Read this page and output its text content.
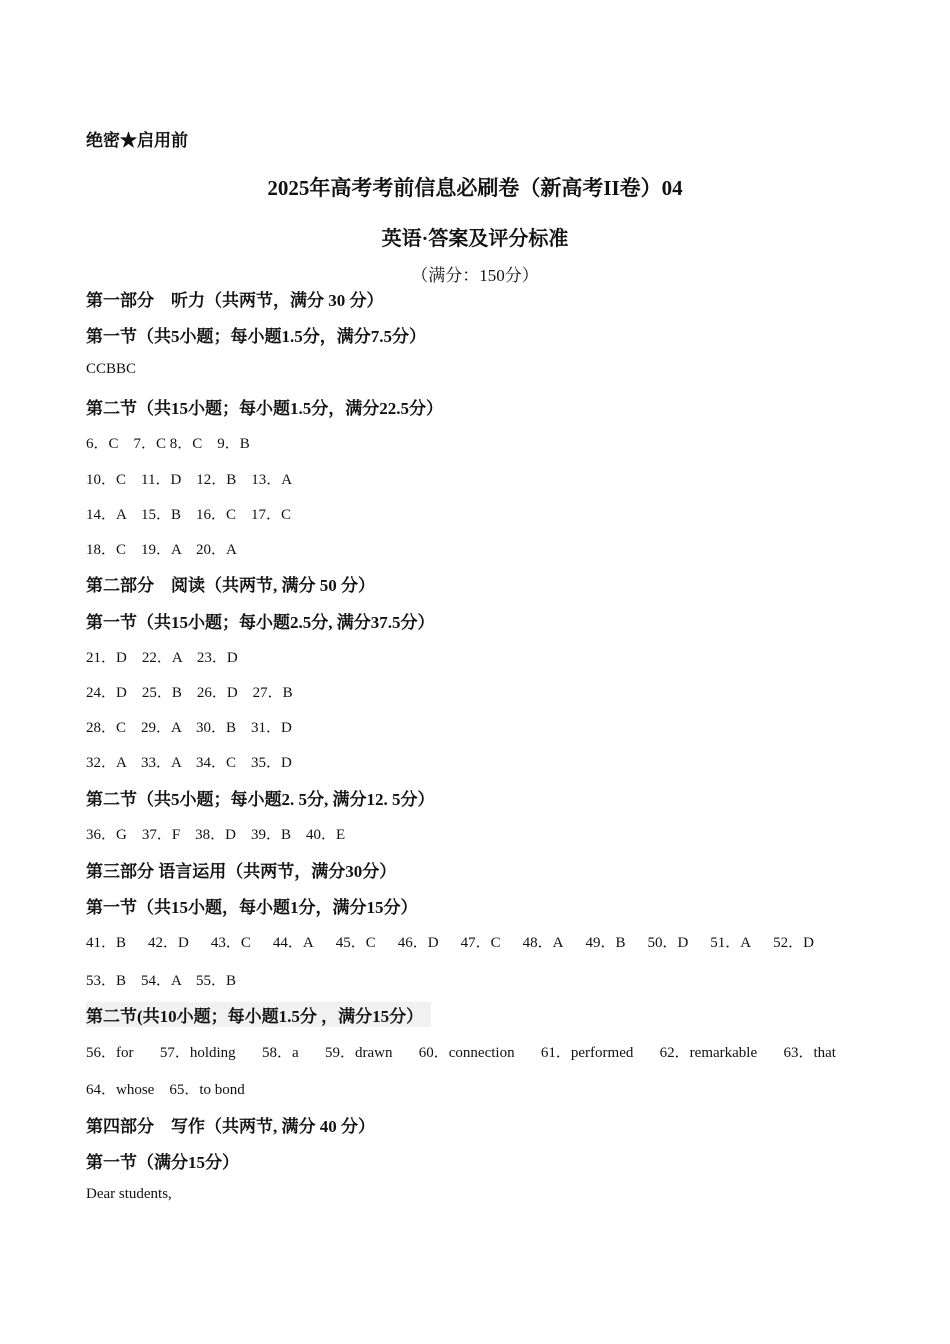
绝密★启用前
2025年高考考前信息必刷卷（新高考II卷）04
英语·答案及评分标准
（满分：150分）
第一部分　听力（共两节，满分 30 分）
第一节（共5小题；每小题1.5分，满分7.5分）
CCBBC
第二节（共15小题；每小题1.5分，满分22.5分）
6．C　7．C 8．C　9．B
10．C　11．D　12．B　13．A
14．A　15．B　16．C　17．C
18．C　19．A　20．A
第二部分　阅读（共两节, 满分 50 分）
第一节（共15小题；每小题2.5分, 满分37.5分）
21．D　22．A　23．D
24．D　25．B　26．D　27．B
28．C　29．A　30．B　31．D
32．A　33．A　34．C　35．D
第二节（共5小题；每小题2. 5分, 满分12. 5分）
36．G　37．F　38．D　39．B　40．E
第三部分 语言运用（共两节，满分30分）
第一节（共15小题，每小题1分，满分15分）
41．B 42．D 43．C 44．A 45．C 46．D 47．C 48．A 49．B 50．D 51．A 52．D
53．B　54．A　55．B
第二节(共10小题；每小题1.5分 ，满分15分）
56．for 57．holding 58．a 59．drawn 60．connection 61．performed 62．remarkable 63．that
64．whose　65．to bond
第四部分　写作（共两节, 满分 40 分）
第一节（满分15分）
Dear students,
